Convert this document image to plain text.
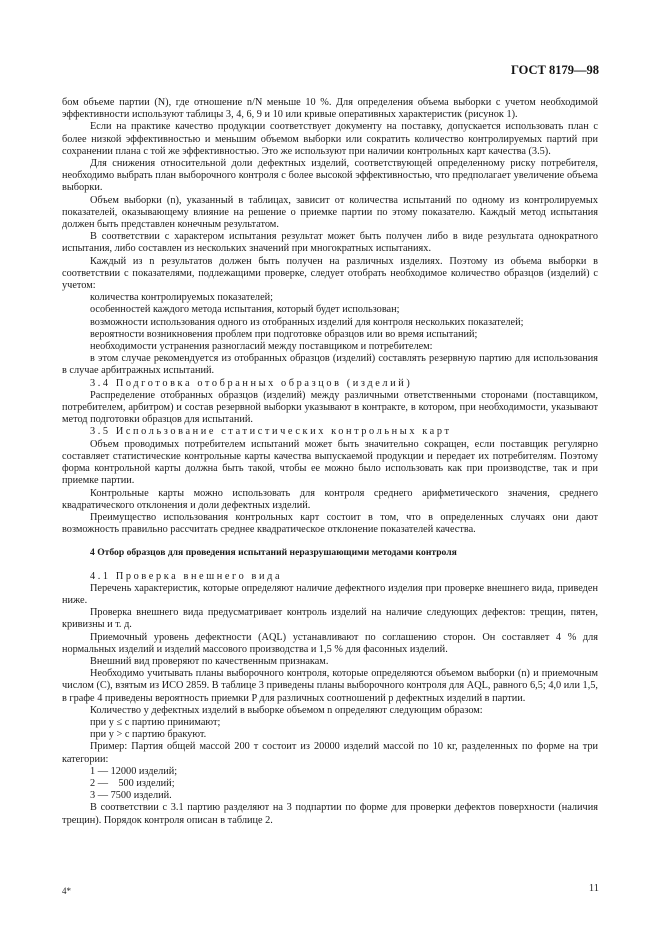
ГОСТ 8179—98

бом объеме партии (N), где отношение n/N меньше 10 %. Для определения объема выборки с учетом необходимой эффективности используют таблицы 3, 4, 6, 9 и 10 или кривые оперативных характеристик (рисунок 1).

Если на практике качество продукции соответствует документу на поставку, допускается использовать план с более низкой эффективностью и меньшим объемом выборки или сократить количество контролируемых партий при сохранении плана с той же эффективностью. Это же используют при наличии контрольных карт качества (3.5).

Для снижения относительной доли дефектных изделий, соответствующей определенному риску потребителя, необходимо выбрать план выборочного контроля с более высокой эффективностью, что предполагает увеличение объема выборки.

Объем выборки (n), указанный в таблицах, зависит от количества испытаний по одному из контролируемых показателей, оказывающему влияние на решение о приемке партии по этому показателю. Каждый метод испытания должен быть представлен конечным результатом.

В соответствии с характером испытания результат может быть получен либо в виде результата однократного испытания, либо составлен из нескольких значений при многократных испытаниях.

Каждый из n результатов должен быть получен на различных изделиях. Поэтому из объема выборки в соответствии с показателями, подлежащими проверке, следует отобрать необходимое количество образцов (изделий) с учетом:

количества контролируемых показателей;

особенностей каждого метода испытания, который будет использован;

возможности использования одного из отобранных изделий для контроля нескольких показателей;

вероятности возникновения проблем при подготовке образцов или во время испытаний;

необходимости устранения разногласий между поставщиком и потребителем:

в этом случае рекомендуется из отобранных образцов (изделий) составлять резервную партию для использования в случае арбитражных испытаний.

3.4 Подготовка отобранных образцов (изделий)

Распределение отобранных образцов (изделий) между различными ответственными сторонами (поставщиком, потребителем, арбитром) и состав резервной выборки указывают в контракте, в котором, при необходимости, указывают метод подготовки образцов для испытаний.

3.5 Использование статистических контрольных карт

Объем проводимых потребителем испытаний может быть значительно сокращен, если поставщик регулярно составляет статистические контрольные карты качества выпускаемой продукции и передает их потребителям. Поэтому форма контрольной карты должна быть такой, чтобы ее можно было использовать как при производстве, так и при приемке партии.

Контрольные карты можно использовать для контроля среднего арифметического значения, среднего квадратического отклонения и доли дефектных изделий.

Преимущество использования контрольных карт состоит в том, что в определенных случаях они дают возможность правильно рассчитать среднее квадратическое отклонение показателей качества.

4 Отбор образцов для проведения испытаний неразрушающими методами контроля

4.1 Проверка внешнего вида

Перечень характеристик, которые определяют наличие дефектного изделия при проверке внешнего вида, приведен ниже.

Проверка внешнего вида предусматривает контроль изделий на наличие следующих дефектов: трещин, пятен, кривизны и т. д.

Приемочный уровень дефектности (AQL) устанавливают по соглашению сторон. Он составляет 4 % для нормальных изделий и изделий массового производства и 1,5 % для фасонных изделий.

Внешний вид проверяют по качественным признакам.

Необходимо учитывать планы выборочного контроля, которые определяются объемом выборки (n) и приемочным числом (C), взятым из ИСО 2859. В таблице 3 приведены планы выборочного контроля для AQL, равного 6,5; 4,0 или 1,5, в графе 4 приведены вероятность приемки P для различных соотношений p дефектных изделий в партии.

Количество y дефектных изделий в выборке объемом n определяют следующим образом:

при y ≤ c партию принимают;

при y > c партию бракуют.

Пример: Партия общей массой 200 т состоит из 20000 изделий массой по 10 кг, разделенных по форме на три категории:

1 — 12000 изделий;

2 —    500 изделий;

3 — 7500 изделий.

В соответствии с 3.1 партию разделяют на 3 подпартии по форме для проверки дефектов поверхности (наличия трещин). Порядок контроля описан в таблице 2.

4*	11
